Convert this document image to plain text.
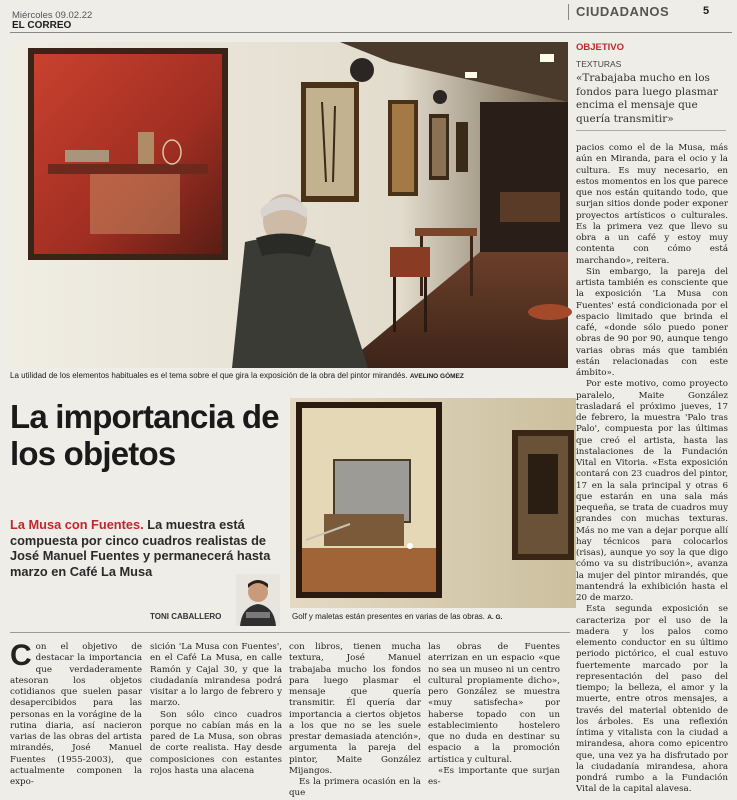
Miércoles 09.02.22
EL CORREO
CIUDADANOS	5
La utilidad de los elementos habituales es el tema sobre el que gira la exposición de la obra del pintor mirandés. AVELINO GÓMEZ
OBJETIVO
TEXTURAS
«Trabajaba mucho en los fondos para luego plasmar encima el mensaje que quería transmitir»

pacios como el de la Musa, más aún en Miranda, para el ocio y la cultura. Es muy necesario, en estos momentos en los que parece que nos están quitando todo, que surjan sitios donde poder exponer proyectos artísticos o culturales. Es la primera vez que llevo su obra a un café y estoy muy contenta con cómo está marchando», reitera.

Sin embargo, la pareja del artista también es consciente que la exposición 'La Musa con Fuentes' está condicionada por el espacio limitado que brinda el café, «donde sólo puedo poner obras de 90 por 90, aunque tengo varias obras más que también están relacionadas con este ámbito».

Por este motivo, como proyecto paralelo, Maite González trasladará el próximo jueves, 17 de febrero, la muestra 'Palo tras Palo', compuesta por las últimas que creó el artista, hasta las instalaciones de la Fundación Vital en Vitoria. «Esta exposición contará con 23 cuadros del pintor, 17 en la sala principal y otras 6 que estarán en una sala más pequeña, se trata de cuadros muy grandes con muchas texturas. Más no me van a dejar porque allí hay técnicos para colocarlos (risas), aunque yo soy la que digo cómo va su distribución», avanza la mujer del pintor mirandés, que mantendrá la exhibición hasta el 20 de marzo.

Esta segunda exposición se caracteriza por el uso de la madera y los palos como elemento conductor en su último periodo pictórico, el cual estuvo fuertemente marcado por la representación del paso del tiempo; la belleza, el amor y la muerte, entre otros mensajes, a través del material obtenido de los árboles. Es una reflexión íntima y vitalista con la ciudad a mirandesa, ahora como epicentro que, una vez ya ha disfrutado por la ciudadanía mirandesa, ahora pondrá rumbo a la Fundación Vital de la capital alavesa.

La importancia de los objetos
La Musa con Fuentes. La muestra está compuesta por cinco cuadros realistas de José Manuel Fuentes y permanecerá hasta marzo en Café La Musa
TONI CABALLERO	Golf y maletas están presentes en varias de las obras. A. G.

Con el objetivo de destacar la importancia que verdaderamente atesoran los objetos cotidianos que suelen pasar desapercibidos para las personas en la vorágine de la rutina diaria, así nacieron varias de las obras del artista mirandés, José Manuel Fuentes (1955-2003), que actualmente componen la expo-

sición 'La Musa con Fuentes', en el Café La Musa, en calle Ramón y Cajal 30, y que la ciudadanía mirandesa podrá visitar a lo largo de febrero y marzo.

Son sólo cinco cuadros porque no cabían más en la pared de La Musa, son obras de corte realista. Hay desde composiciones con estantes rojos hasta una alacena

con libros, tienen mucha textura, José Manuel trabajaba mucho los fondos para luego plasmar el mensaje que quería transmitir. Él quería dar importancia a ciertos objetos a los que no se les suele prestar demasiada atención», argumenta la pareja del pintor, Maite González Mijangos.

Es la primera ocasión en la que

las obras de Fuentes aterrizan en un espacio «que no sea un museo ni un centro cultural propiamente dicho», pero González se muestra «muy satisfecha» por haberse topado con un establecimiento hostelero que no duda en destinar su espacio a la promoción artística y cultural.

«Es importante que surjan es-
